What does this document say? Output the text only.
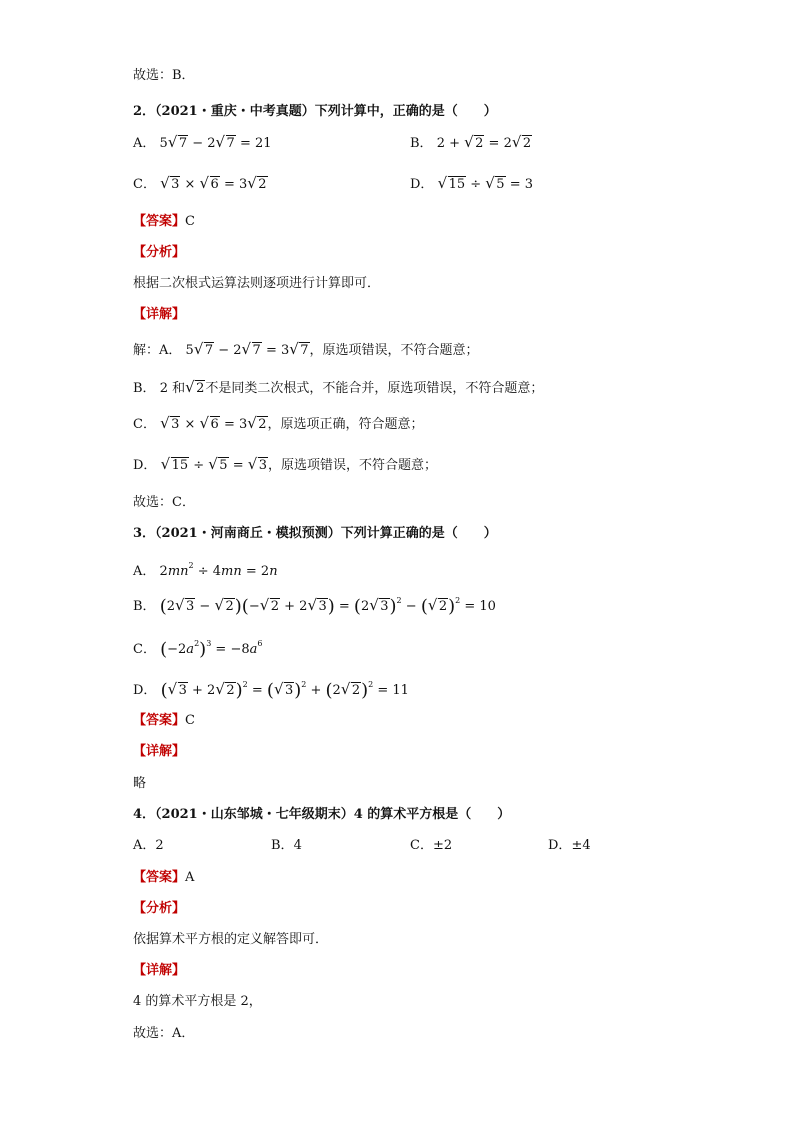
故选：B．
2．（2021・重庆・中考真题）下列计算中，正确的是（　　）
A． 5 √ 7 − 2 √ 7 = 21	B． 2 + √ 2 = 2 √ 2
C． √ 3 × √ 6 = 3 √ 2	D． √ 15 ÷ √ 5 = 3
【答案】C
【分析】
根据二次根式运算法则逐项进行计算即可．
【详解】
解：A． 5 √ 7 − 2 √ 7 = 3 √ 7，原选项错误，不符合题意；
B． 2 和 √ 2不是同类二次根式，不能合并，原选项错误，不符合题意；
C． √ 3 × √ 6 = 3 √ 2，原选项正确，符合题意；
D． √ 15 ÷ √ 5 = √ 3，原选项错误，不符合题意；
故选：C．
3．（2021・河南商丘・模拟预测）下列计算正确的是（　　）
A． $2mn^2 \div 4mn = 2n$
B． (2 √ 3 − √ 2)(− √ 2 + 2 √ 3) = (2 √ 3)$^2$ − ( √ 2)$^2$ = 10
C． $(-2a^2)^3 = -8a^6$
D． ( √ 3 + 2 √ 2)$^2$ = ( √ 3)$^2$ + (2 √ 2)$^2$ = 11
【答案】C
【详解】
略
4．（2021・山东邹城・七年级期末）4 的算术平方根是（　　）
A．2	B．4	C．±2	D．±4
【答案】A
【分析】
依据算术平方根的定义解答即可．
【详解】
4 的算术平方根是 2，
故选：A．
